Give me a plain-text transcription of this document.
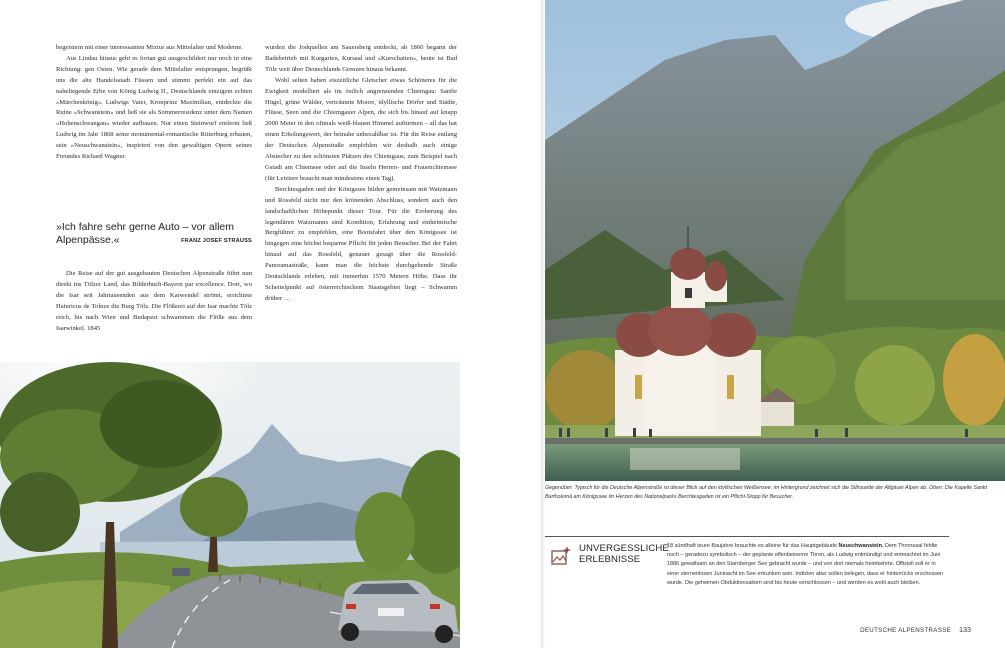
begeistern mit einer interessanten Mixtur aus Mittelalter und Moderne.

Aus Lindau hinaus geht es fortan gut ausgeschildert nur noch in eine Richtung: gen Osten. Wie gerade dem Mittelalter entsprungen, begrüßt uns die alte Handelsstadt Füssen und stimmt perfekt ein auf das naheliegende Erbe von König Ludwig II., Deutschlands einzigem echten »Märchenkönig«. Ludwigs Vater, Kronprinz Maximilian, entdeckte die Ruine »Schwanstein« und ließ sie als Sommerresidenz unter dem Namen »Hohenschwangau« wieder aufbauen. Nur einen Steinwurf entfernt ließ Ludwig im Jahr 1868 seine monumental-romantische Ritterburg erbauen, sein »Neuschwanstein«, inspiriert von den gewaltigen Opern seines Freundes Richard Wagner.

»Ich fahre sehr gerne Auto – vor allem Alpenpässe.«	FRANZ JOSEF STRAUSS

Die Reise auf der gut ausgebauten Deutschen Alpenstraße führt nun direkt ins Tölzer Land, das Bilderbuch-Bayern par excellence. Dort, wo die Isar seit Jahrtausenden aus dem Karwendel strömt, errichtete Hainricus de Tolnze die Burg Tölz. Die Flößerei auf der Isar machte Tölz reich, bis nach Wien und Budapest schwammen die Flöße aus dem Isarwinkel. 1845

wurden die Jodquellen am Sauersberg entdeckt, ab 1860 begann der Badebetrieb mit Kurgarten, Kursaal und »Kurschatten«, heute ist Bad Tölz weit über Deutschlands Grenzen hinaus bekannt.

Wohl selten haben eiszeitliche Gletscher etwas Schöneres für die Ewigkeit modelliert als im östlich angrenzenden Chiemgau: Sanfte Hügel, grüne Wälder, verträumte Moore, idyllische Dörfer und Städte, Flüsse, Seen und die Chiemgauer Alpen, die sich bis hinauf auf knapp 2000 Meter in den oftmals weiß-blauen Himmel auftürmen – all das hat einen Erholungswert, der beinahe unbezahlbar ist. Für die Reise entlang der Deutschen Alpenstraße empfehlen wir deshalb auch einige Abstecher zu den schönsten Plätzen des Chiemgaus, zum Beispiel nach Gstadt am Chiemsee oder auf die Inseln Herren- und Frauenchiemsee (für Letztere braucht man mindestens einen Tag).

Berchtesgaden und der Königssee bilden gemeinsam mit Watzmann und Rossfeld nicht nur den krönenden Abschluss, sondern auch den landschaftlichen Höhepunkt dieser Tour. Für die Eroberung des legendären Watzmanns sind Kondition, Erfahrung und einheimische Bergführer zu empfehlen, eine Bootsfahrt über den Königssee ist hingegen eine höchst bequeme Pflicht für jeden Besucher. Bei der Fahrt hinauf auf das Rossfeld, genauer gesagt über die Rossfeld-Panoramastraße, kann man die höchste durchgehende Straße Deutschlands erleben, mit immerhin 1570 Metern Höhe. Dass ihr Scheitelpunkt auf österreichischem Staatsgebiet liegt – Schwamm drüber …

Gegenüber: Typisch für die Deutsche Alpenstraße ist dieser Blick auf den idyllischen Weißensee; im Hintergrund zeichnet sich die Silhouette der Allgäuer Alpen ab. Oben: Die Kapelle Sankt Bartholomä am Königssee im Herzen des Nationalparks Berchtesgaden ist ein Pflicht-Stopp für Besucher.
UNVERGESSLICHE ERLEBNISSE
18 sündhaft teure Baujahre brauchte es alleine für das Hauptgebäude Neuschwanstein. Dem Thronsaal fehlte noch – geradezu symbolisch – der geplante elfenbeinerne Thron, als Ludwig entmündigt und entmachtet im Juni 1886 gewaltsam an den Starnberger See gebracht wurde – und von dort niemals heimkehrte. Offiziell soll er in einer sternenlosen Juninacht im See ertrunken sein. Indizien aber sollen belegen, dass er hinterrücks erschossen wurde. Die geheimen Obduktionsakten sind bis heute verschlossen – und werden es wohl auch bleiben.
DEUTSCHE ALPENSTRASSE 133
